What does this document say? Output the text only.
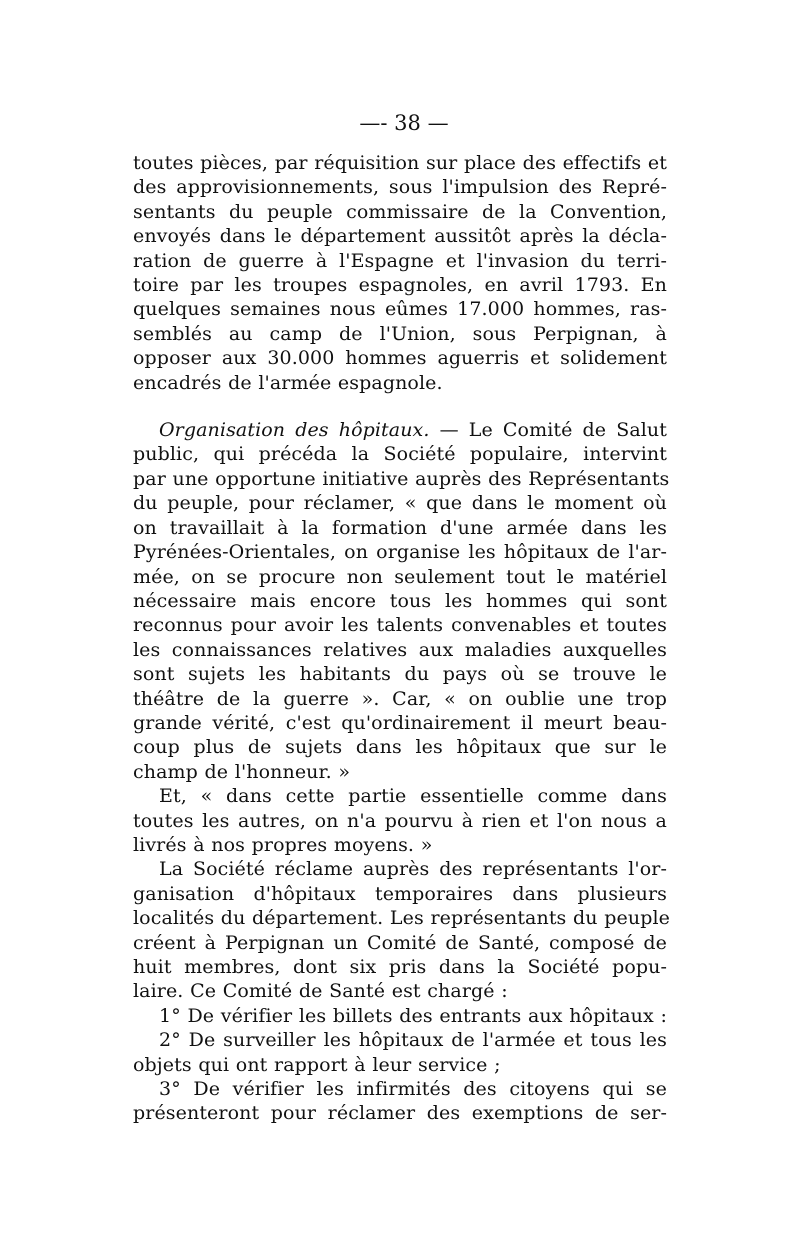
—- 38 —

toutes pièces, par réquisition sur place des effectifs et
des approvisionnements, sous l'impulsion des Repré-
sentants du peuple commissaire de la Convention,
envoyés dans le département aussitôt après la décla-
ration de guerre à l'Espagne et l'invasion du terri-
toire par les troupes espagnoles, en avril 1793. En
quelques semaines nous eûmes 17.000 hommes, ras-
semblés au camp de l'Union, sous Perpignan, à
opposer aux 30.000 hommes aguerris et solidement
encadrés de l'armée espagnole.

Organisation des hôpitaux. — Le Comité de Salut
public, qui précéda la Société populaire, intervint
par une opportune initiative auprès des Représentants
du peuple, pour réclamer, « que dans le moment où
on travaillait à la formation d'une armée dans les
Pyrénées-Orientales, on organise les hôpitaux de l'ar-
mée, on se procure non seulement tout le matériel
nécessaire mais encore tous les hommes qui sont
reconnus pour avoir les talents convenables et toutes
les connaissances relatives aux maladies auxquelles
sont sujets les habitants du pays où se trouve le
théâtre de la guerre ». Car, « on oublie une trop
grande vérité, c'est qu'ordinairement il meurt beau-
coup plus de sujets dans les hôpitaux que sur le
champ de l'honneur. »

Et, « dans cette partie essentielle comme dans
toutes les autres, on n'a pourvu à rien et l'on nous a
livrés à nos propres moyens. »

La Société réclame auprès des représentants l'or-
ganisation d'hôpitaux temporaires dans plusieurs
localités du département. Les représentants du peuple
créent à Perpignan un Comité de Santé, composé de
huit membres, dont six pris dans la Société popu-
laire. Ce Comité de Santé est chargé :

1° De vérifier les billets des entrants aux hôpitaux :

2° De surveiller les hôpitaux de l'armée et tous les
objets qui ont rapport à leur service ;

3° De vérifier les infirmités des citoyens qui se
présenteront pour réclamer des exemptions de ser-
